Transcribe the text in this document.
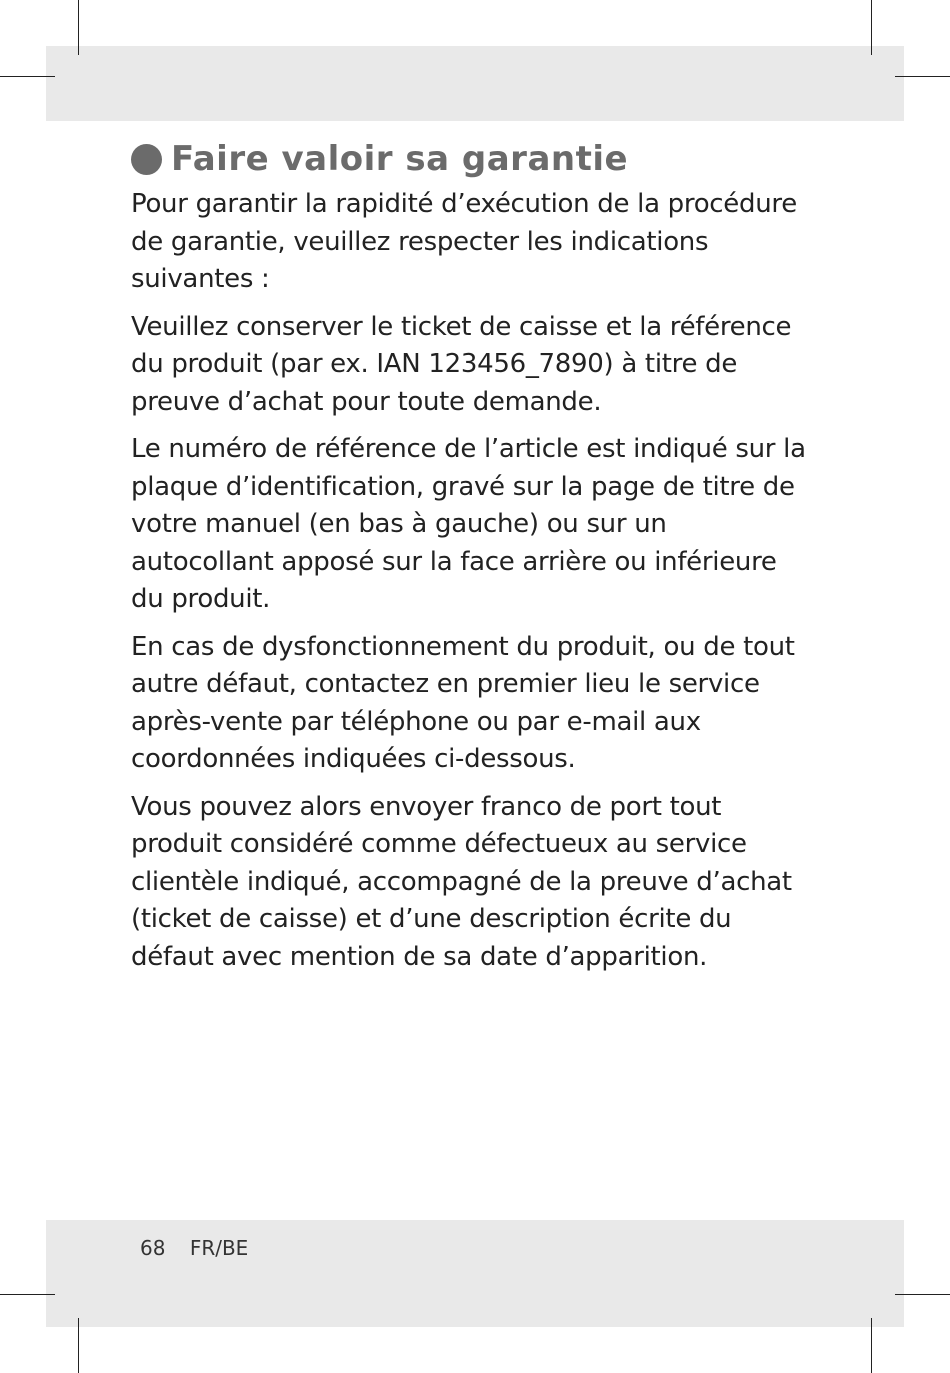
Faire valoir sa garantie

Pour garantir la rapidité d’exécution de la procédure de garantie, veuillez respecter les indications suivantes :

Veuillez conserver le ticket de caisse et la référence du produit (par ex. IAN 123456_7890) à titre de preuve d’achat pour toute demande.

Le numéro de référence de l’article est indiqué sur la plaque d’identification, gravé sur la page de titre de votre manuel (en bas à gauche) ou sur un autocollant apposé sur la face arrière ou inférieure du produit.

En cas de dysfonctionnement du produit, ou de tout autre défaut, contactez en premier lieu le service après-vente par téléphone ou par e-mail aux coordonnées indiquées ci-dessous.

Vous pouvez alors envoyer franco de port tout produit considéré comme défectueux au service clientèle indiqué, accompagné de la preuve d’achat (ticket de caisse) et d’une description écrite du défaut avec mention de sa date d’apparition.

68 FR/BE
